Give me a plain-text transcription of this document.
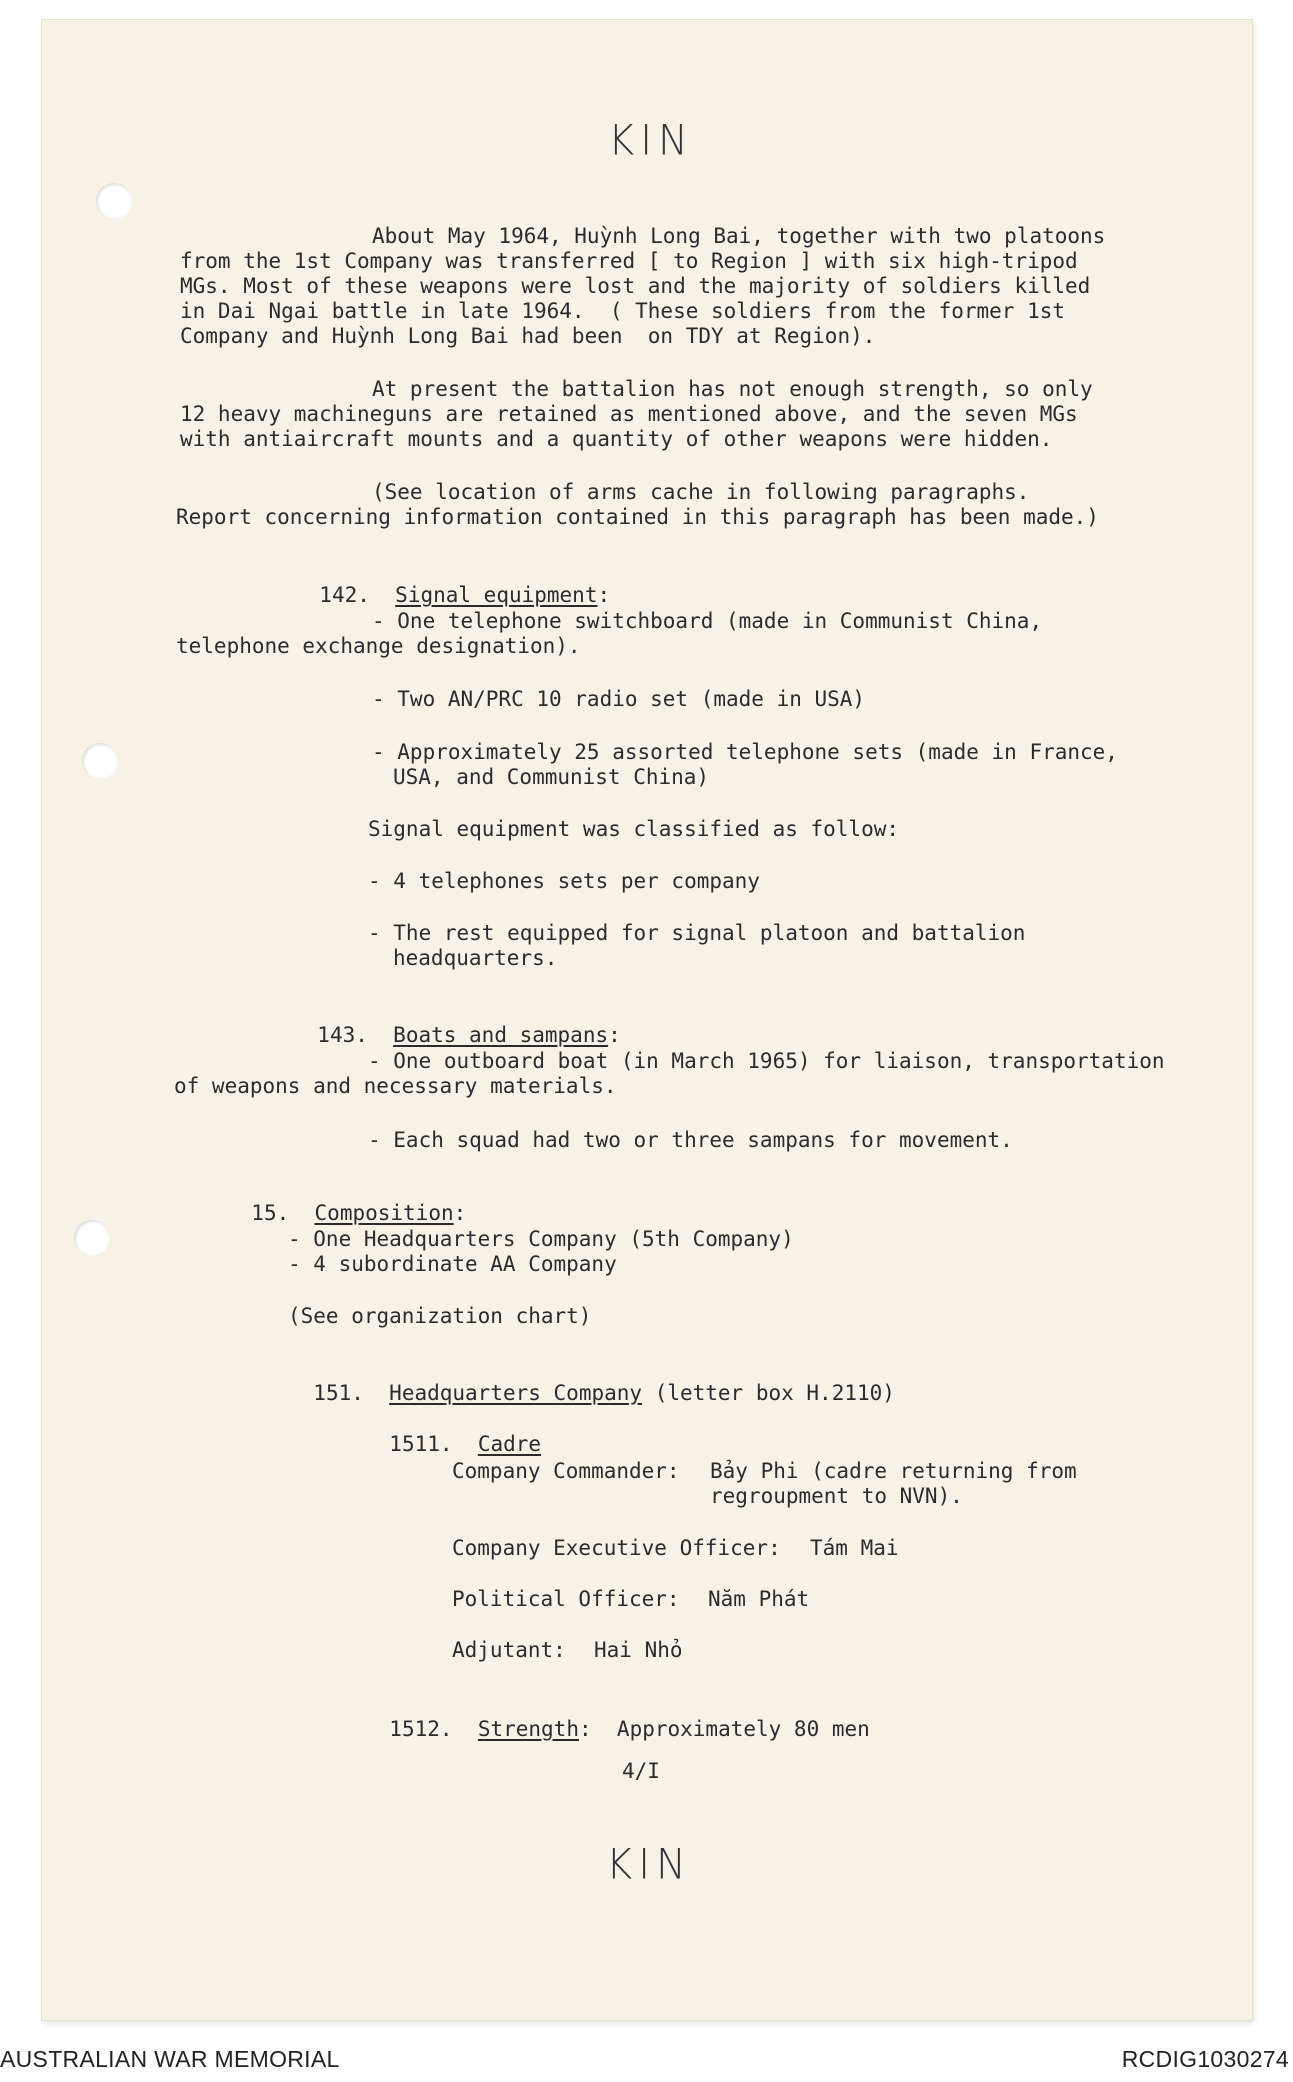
KIN
About May 1964, Huỳnh Long Bai, together with two platoons
from the 1st Company was transferred [ to Region ] with six high-tripod
MGs. Most of these weapons were lost and the majority of soldiers killed
in Dai Ngai battle in late 1964.  ( These soldiers from the former 1st
Company and Huỳnh Long Bai had been  on TDY at Region).
At present the battalion has not enough strength, so only
12 heavy machineguns are retained as mentioned above, and the seven MGs
with antiaircraft mounts and a quantity of other weapons were hidden.
(See location of arms cache in following paragraphs.
Report concerning information contained in this paragraph has been made.)

142. Signal equipment:

- One telephone switchboard (made in Communist China,
telephone exchange designation).
- Two AN/PRC 10 radio set (made in USA)
- Approximately 25 assorted telephone sets (made in France,
USA, and Communist China)
Signal equipment was classified as follow:
- 4 telephones sets per company
- The rest equipped for signal platoon and battalion
headquarters.

143. Boats and sampans:

- One outboard boat (in March 1965) for liaison, transportation
of weapons and necessary materials.
- Each squad had two or three sampans for movement.

15. Composition:

- One Headquarters Company (5th Company)
- 4 subordinate AA Company
(See organization chart)

151. Headquarters Company (letter box H.2110)

1511. Cadre

Company Commander: Bảy Phi (cadre returning from
regroupment to NVN).
Company Executive Officer: Tám Mai
Political Officer: Năm Phát
Adjutant: Hai Nhỏ

1512. Strength: Approximately 80 men

4/I
KIN
AUSTRALIAN WAR MEMORIAL	RCDIG1030274
